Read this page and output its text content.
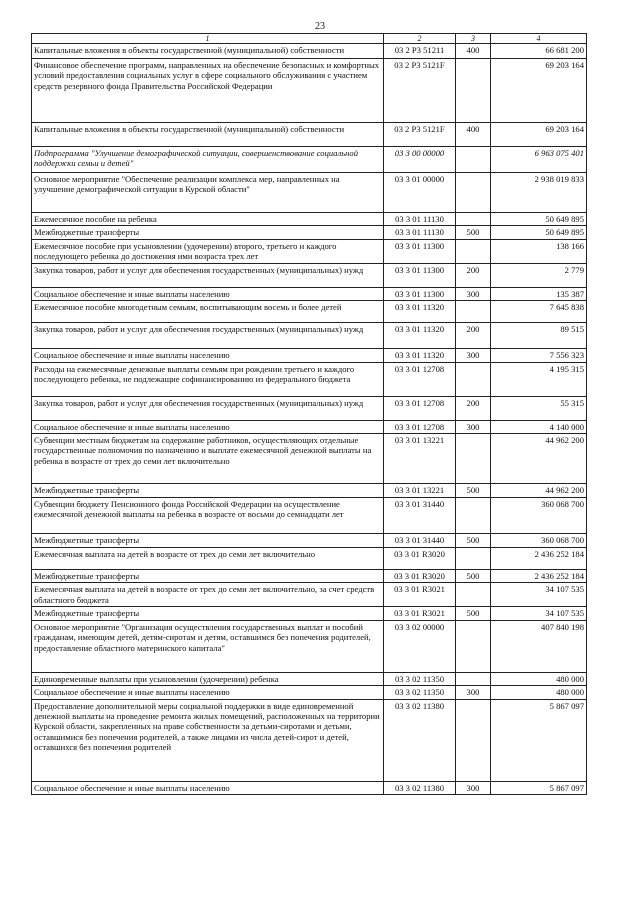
23
1	2	3	4
Капитальные вложения в объекты государственной (муниципальной) собственности	03 2 P3 51211	400	66 681 200
Финансовое обеспечение программ, направленных на обеспечение безопасных и комфортных условий предоставления социальных услуг в сфере социального обслуживания с участием средств резервного фонда Правительства Российской Федерации	03 2 P3 5121F		69 203 164
Капитальные вложения в объекты государственной (муниципальной) собственности	03 2 P3 5121F	400	69 203 164
Подпрограмма "Улучшение демографической ситуации, совершенствование социальной поддержки семьи и детей"	03 3 00 00000		6 963 075 401
Основное мероприятие "Обеспечение реализации комплекса мер, направленных на улучшение демографической ситуации в Курской области"	03 3 01 00000		2 938 019 833
Ежемесячное пособие на ребенка	03 3 01 11130		50 649 895
Межбюджетные трансферты	03 3 01 11130	500	50 649 895
Ежемесячное пособие при усыновлении (удочерении) второго, третьего и каждого последующего ребенка до достижения ими возраста трех лет	03 3 01 11300		138 166
Закупка товаров, работ и услуг для обеспечения государственных (муниципальных) нужд	03 3 01 11300	200	2 779
Социальное обеспечение и иные выплаты населению	03 3 01 11300	300	135 387
Ежемесячное пособие многодетным семьям, воспитывающим восемь и более детей	03 3 01 11320		7 645 838
Закупка товаров, работ и услуг для обеспечения государственных (муниципальных) нужд	03 3 01 11320	200	89 515
Социальное обеспечение и иные выплаты населению	03 3 01 11320	300	7 556 323
Расходы на ежемесячные денежные выплаты семьям при рождении третьего и каждого последующего ребенка, не подлежащие софинансированию из федерального бюджета	03 3 01 12708		4 195 315
Закупка товаров, работ и услуг для обеспечения государственных (муниципальных) нужд	03 3 01 12708	200	55 315
Социальное обеспечение и иные выплаты населению	03 3 01 12708	300	4 140 000
Субвенции местным бюджетам на содержание работников, осуществляющих отдельные государственные полномочия по назначению и выплате ежемесячной денежной выплаты на ребенка в возрасте от трех до семи лет включительно	03 3 01 13221		44 962 200
Межбюджетные трансферты	03 3 01 13221	500	44 962 200
Субвенции бюджету Пенсионного фонда Российской Федерации на осуществление ежемесячной денежной выплаты на ребенка в возрасте от восьми до семнадцати лет	03 3 01 31440		360 068 700
Межбюджетные трансферты	03 3 01 31440	500	360 068 700
Ежемесячная выплата на детей в возрасте от трех до семи лет включительно	03 3 01 R3020		2 436 252 184
Межбюджетные трансферты	03 3 01 R3020	500	2 436 252 184
Ежемесячная выплата на детей в возрасте от трех до семи лет включительно, за счет средств областного бюджета	03 3 01 R3021		34 107 535
Межбюджетные трансферты	03 3 01 R3021	500	34 107 535
Основное мероприятие "Организация осуществления государственных выплат и пособий гражданам, имеющим детей, детям-сиротам и детям, оставшимся без попечения родителей, предоставление областного материнского капитала"	03 3 02 00000		407 840 198
Единовременные выплаты при усыновлении (удочерении) ребенка	03 3 02 11350		480 000
Социальное обеспечение и иные выплаты населению	03 3 02 11350	300	480 000
Предоставление дополнительной меры социальной поддержки в виде единовременной денежной выплаты на проведение ремонта жилых помещений, расположенных на территории Курской области, закрепленных на праве собственности за детьми-сиротами и детьми, оставшимися без попечения родителей, а также лицами из числа детей-сирот и детей, оставшихся без попечения родителей	03 3 02 11380		5 867 097
Социальное обеспечение и иные выплаты населению	03 3 02 11380	300	5 867 097
